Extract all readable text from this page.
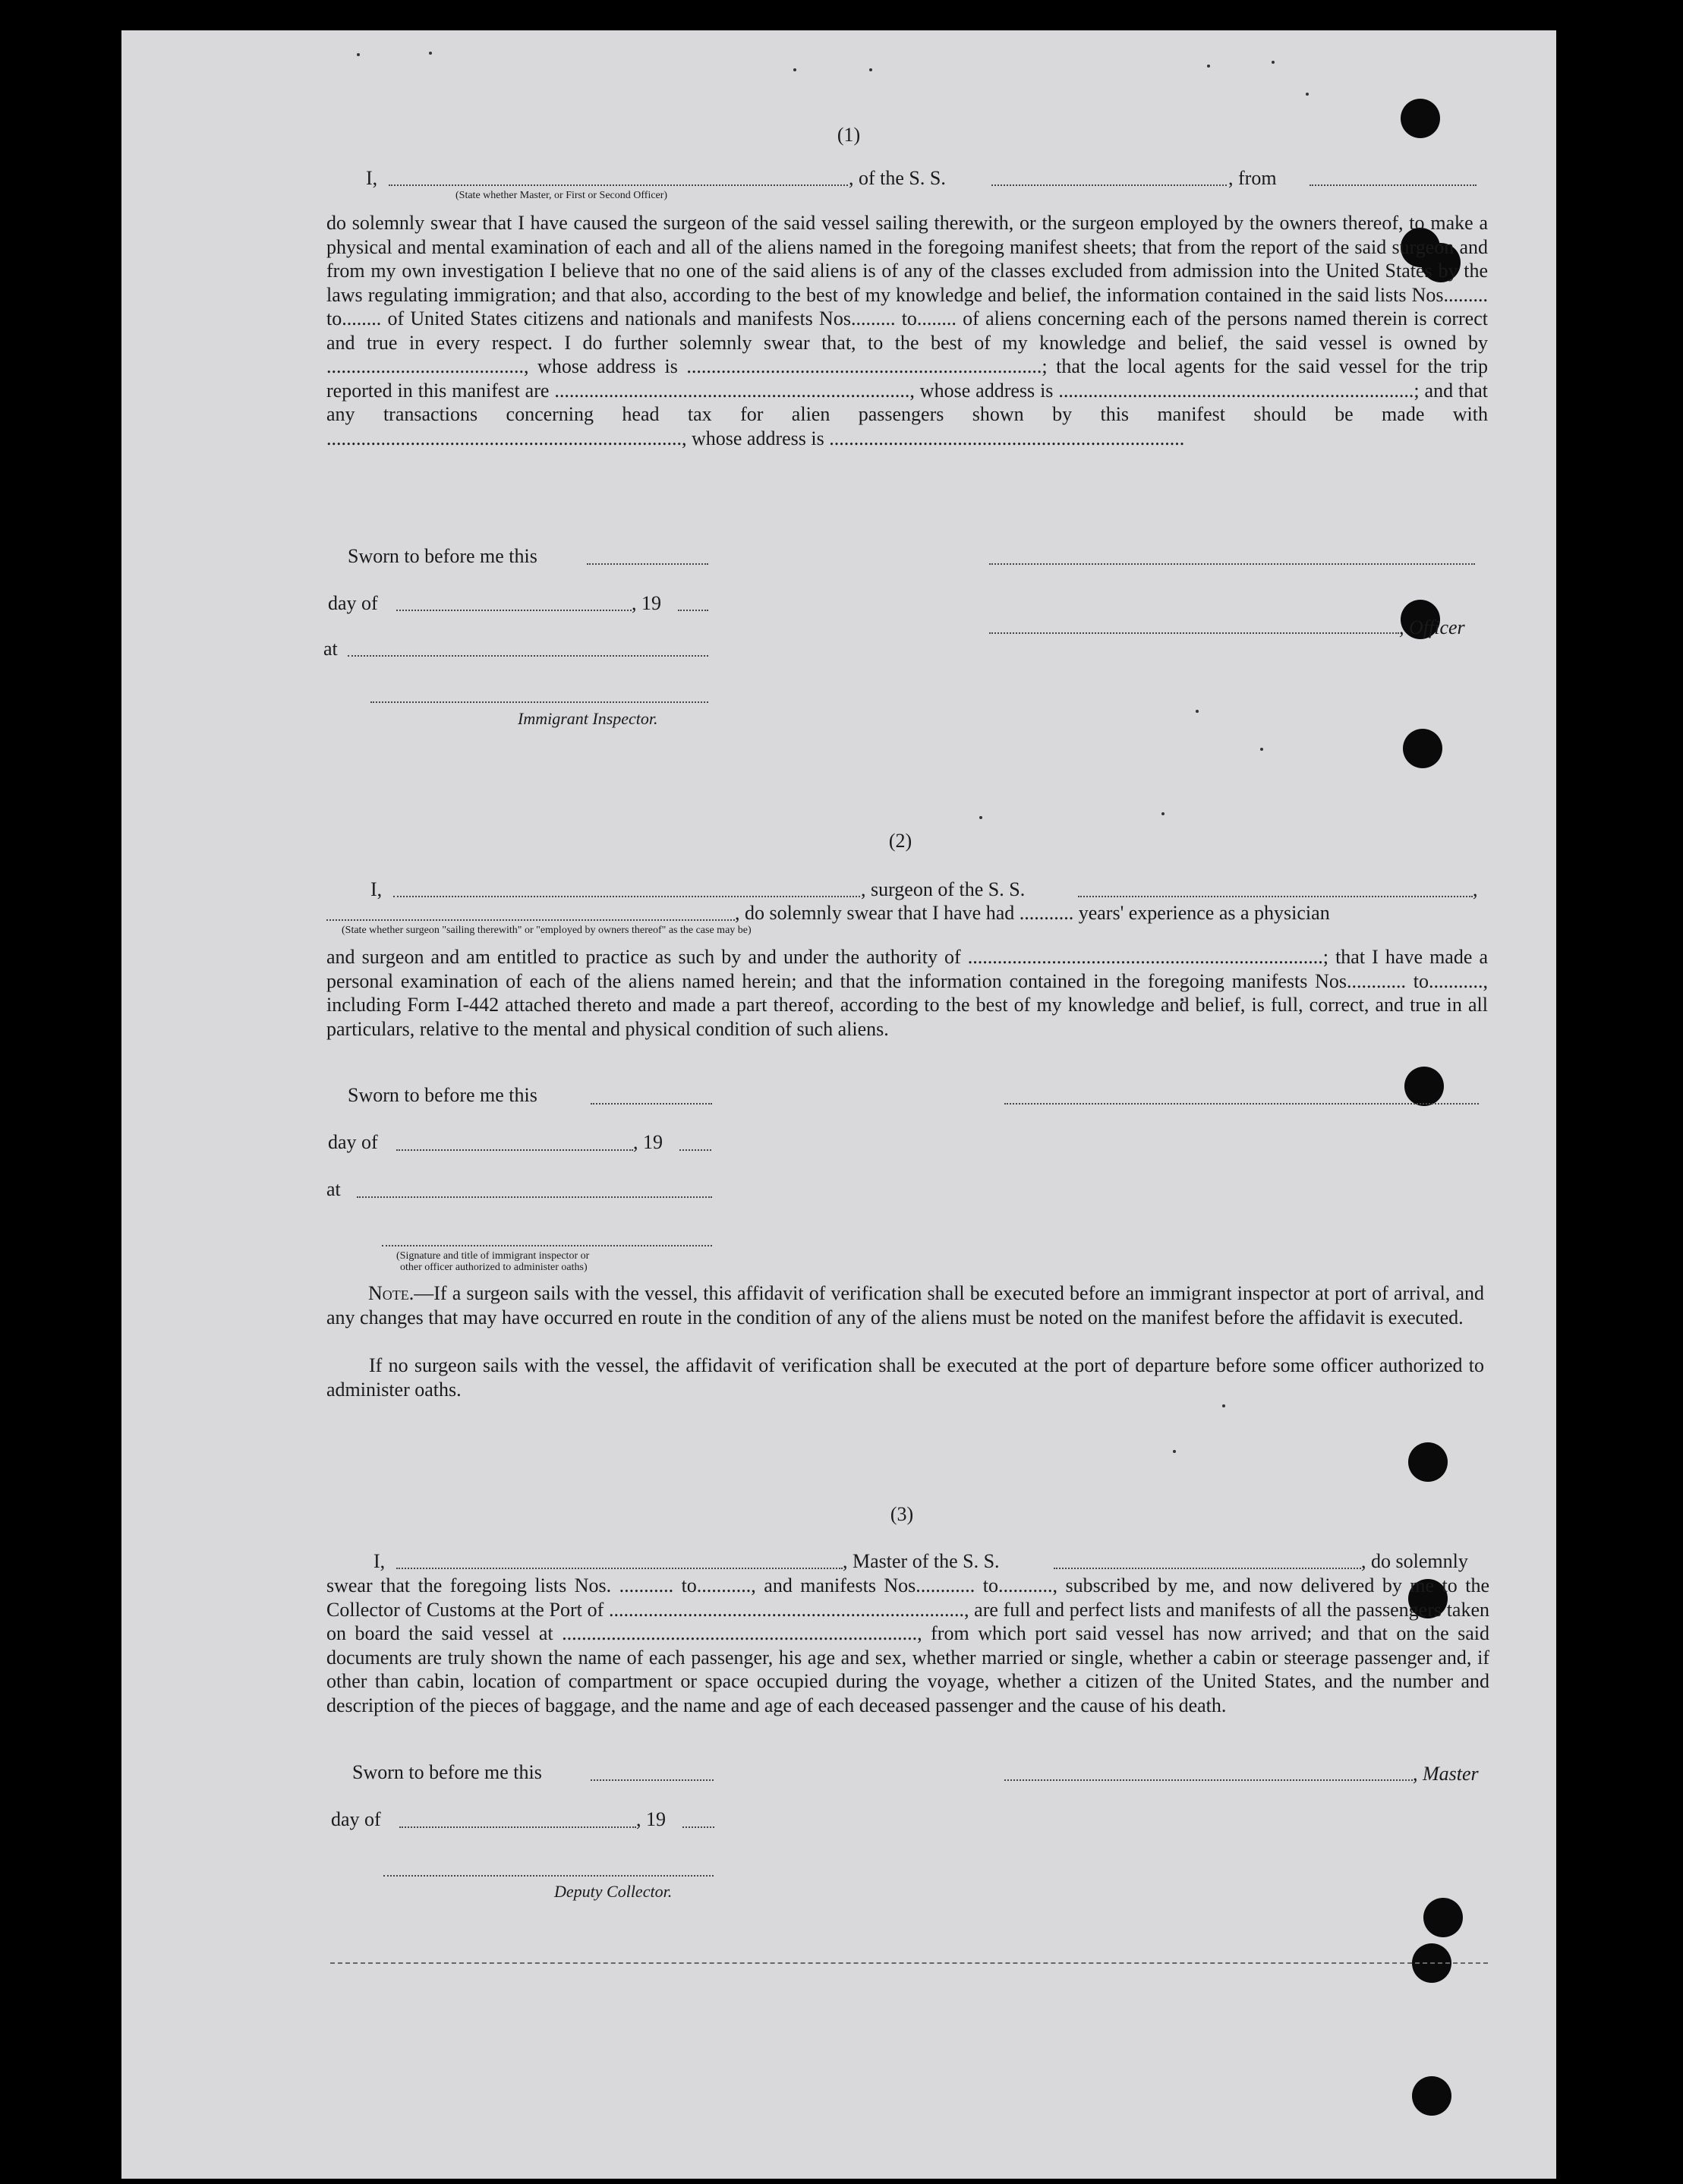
(1)
I,	, of the S. S.	, from
(State whether Master, or First or Second Officer)
do solemnly swear that I have caused the surgeon of the said vessel sailing therewith, or the surgeon employed by the owners thereof, to make a physical and mental examination of each and all of the aliens named in the foregoing manifest sheets; that from the report of the said surgeon and from my own investigation I believe that no one of the said aliens is of any of the classes excluded from admission into the United States by the laws regulating immigration; and that also, according to the best of my knowledge and belief, the information contained in the said lists Nos......... to........ of United States citizens and nationals and manifests Nos......... to........ of aliens concerning each of the persons named therein is correct and true in every respect. I do further solemnly swear that, to the best of my knowledge and belief, the said vessel is owned by ........................................, whose address is ........................................................................; that the local agents for the said vessel for the trip reported in this manifest are ........................................................................, whose address is ........................................................................; and that any transactions concerning head tax for alien passengers shown by this manifest should be made with ........................................................................, whose address is ........................................................................
Sworn to before me this
day of	, 19
, Officer
at
Immigrant Inspector.
(2)
I,	, surgeon of the S. S.	,
, do solemnly swear that I have had ........... years' experience as a physician
(State whether surgeon "sailing therewith" or "employed by owners thereof" as the case may be)
and surgeon and am entitled to practice as such by and under the authority of ........................................................................; that I have made a personal examination of each of the aliens named herein; and that the information contained in the foregoing manifests Nos............ to..........., including Form I-442 attached thereto and made a part thereof, according to the best of my knowledge and belief, is full, correct, and true in all particulars, relative to the mental and physical condition of such aliens.
Sworn to before me this
day of	, 19
at
(Signature and title of immigrant inspector or
other officer authorized to administer oaths)
Note.—If a surgeon sails with the vessel, this affidavit of verification shall be executed before an immigrant inspector at port of arrival, and any changes that may have occurred en route in the condition of any of the aliens must be noted on the manifest before the affidavit is executed.
If no surgeon sails with the vessel, the affidavit of verification shall be executed at the port of departure before some officer authorized to administer oaths.
(3)
I,	, Master of the S. S.	, do solemnly
swear that the foregoing lists Nos. ........... to..........., and manifests Nos............ to..........., subscribed by me, and now delivered by me to the Collector of Customs at the Port of ........................................................................, are full and perfect lists and manifests of all the passengers taken on board the said vessel at ........................................................................, from which port said vessel has now arrived; and that on the said documents are truly shown the name of each passenger, his age and sex, whether married or single, whether a cabin or steerage passenger and, if other than cabin, location of compartment or space occupied during the voyage, whether a citizen of the United States, and the number and description of the pieces of baggage, and the name and age of each deceased passenger and the cause of his death.
Sworn to before me this	, Master
day of	, 19
Deputy Collector.
